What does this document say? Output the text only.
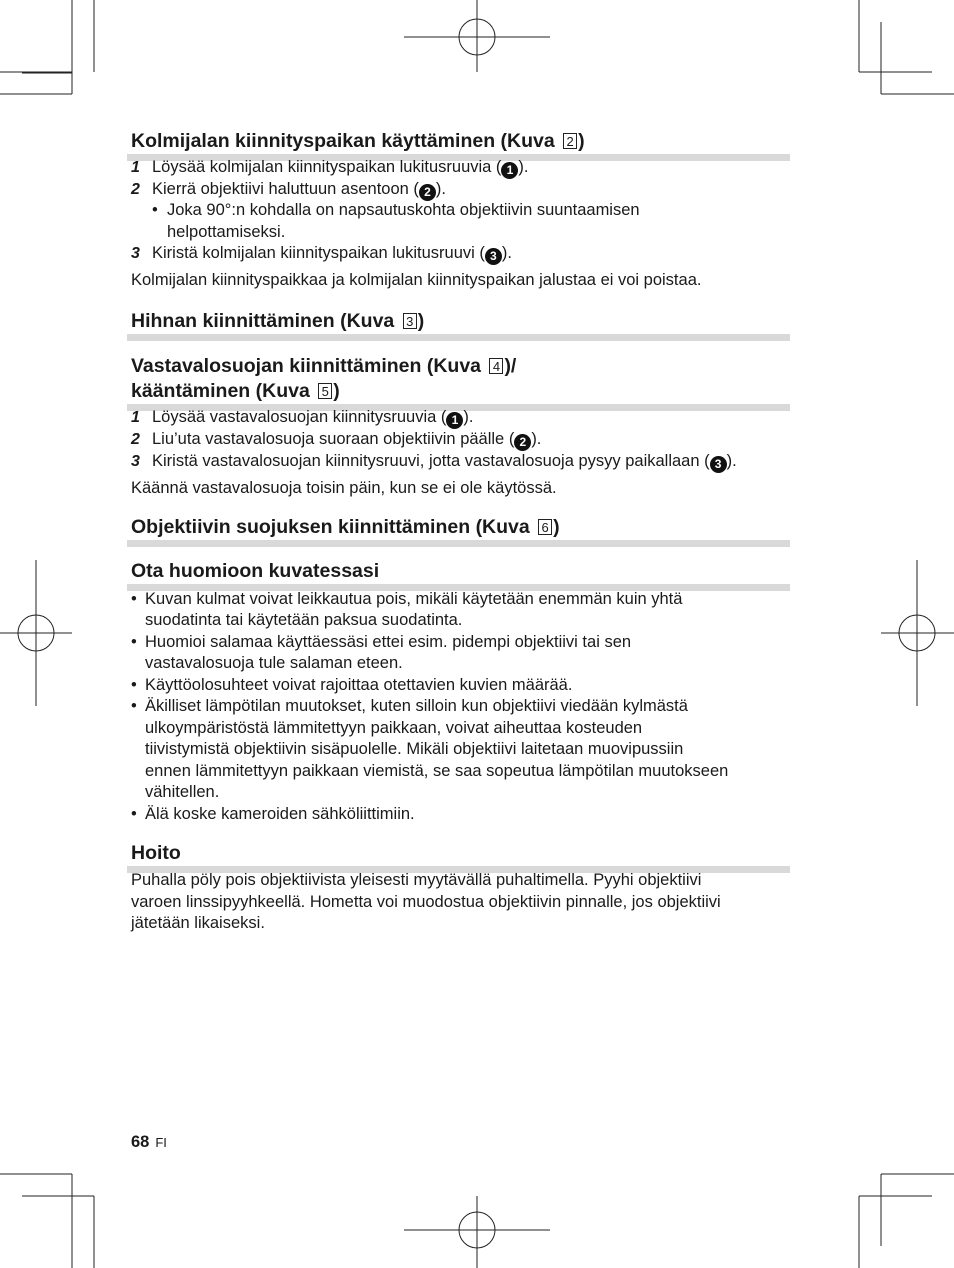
Kolmijalan kiinnityspaikan käyttäminen (Kuva 2 )
1 Löysää kolmijalan kiinnityspaikan lukitusruuvia ( 1 ).
2 Kierrä objektiivi haluttuun asentoon ( 2 ).
• Joka 90°:n kohdalla on napsautuskohta objektiivin suuntaamisen
helpottamiseksi.
3 Kiristä kolmijalan kiinnityspaikan lukitusruuvi ( 3 ).
Kolmijalan kiinnityspaikkaa ja kolmijalan kiinnityspaikan jalustaa ei voi poistaa.
Hihnan kiinnittäminen (Kuva 3 )
Vastavalosuojan kiinnittäminen (Kuva 4 )/
kääntäminen (Kuva 5 )
1 Löysää vastavalosuojan kiinnitysruuvia ( 1 ).
2 Liu’uta vastavalosuoja suoraan objektiivin päälle ( 2 ).
3 Kiristä vastavalosuojan kiinnitysruuvi, jotta vastavalosuoja pysyy paikallaan ( 3 ).
Käännä vastavalosuoja toisin päin, kun se ei ole käytössä.
Objektiivin suojuksen kiinnittäminen (Kuva 6 )
Ota huomioon kuvatessasi
• Kuvan kulmat voivat leikkautua pois, mikäli käytetään enemmän kuin yhtä
suodatinta tai käytetään paksua suodatinta.
• Huomioi salamaa käyttäessäsi ettei esim. pidempi objektiivi tai sen
vastavalosuoja tule salaman eteen.
• Käyttöolosuhteet voivat rajoittaa otettavien kuvien määrää.
• Äkilliset lämpötilan muutokset, kuten silloin kun objektiivi viedään kylmästä
ulkoympäristöstä lämmitettyyn paikkaan, voivat aiheuttaa kosteuden
tiivistymistä objektiivin sisäpuolelle. Mikäli objektiivi laitetaan muovipussiin
ennen lämmitettyyn paikkaan viemistä, se saa sopeutua lämpötilan muutokseen
vähitellen.
• Älä koske kameroiden sähköliittimiin.
Hoito
Puhalla pöly pois objektiivista yleisesti myytävällä puhaltimella. Pyyhi objektiivi
varoen linssipyyhkeellä. Hometta voi muodostua objektiivin pinnalle, jos objektiivi
jätetään likaiseksi.
68 FI
